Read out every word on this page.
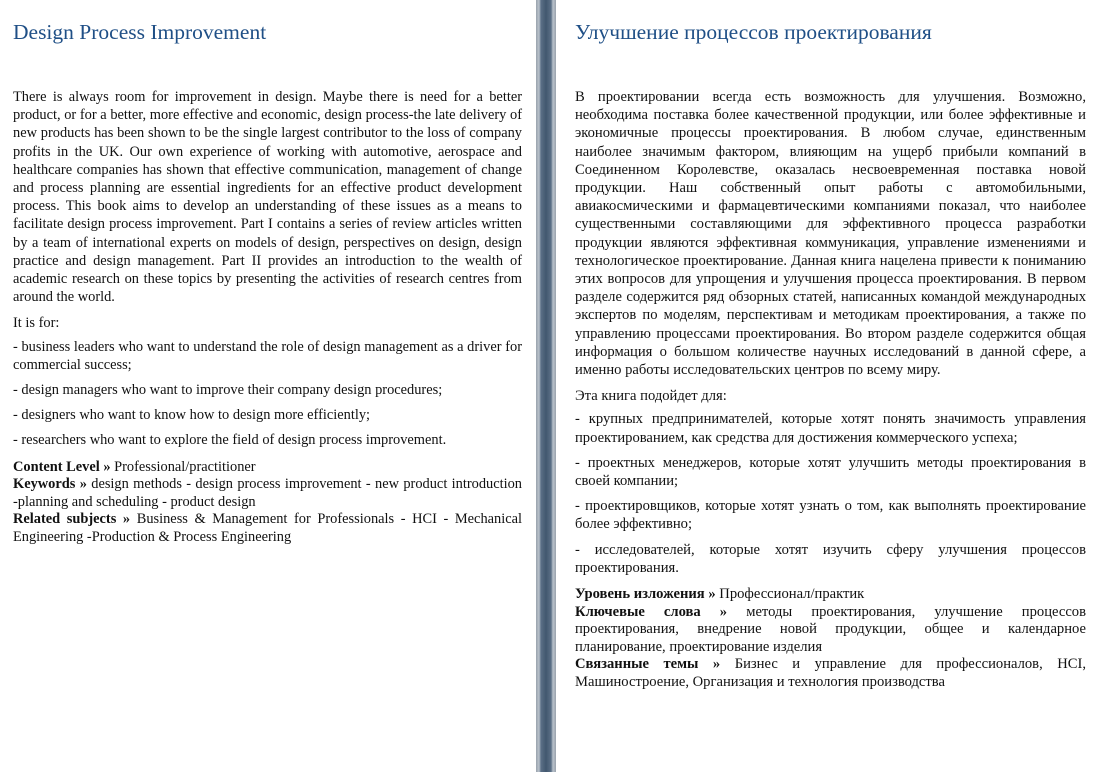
Design Process Improvement

There is always room for improvement in design. Maybe there is need for a better product, or for a better, more effective and economic, design process-the late delivery of new products has been shown to be the single largest contributor to the loss of company profits in the UK. Our own experience of working with automotive, aerospace and healthcare companies has shown that effective communication, management of change and process planning are essential ingredients for an effective product development process. This book aims to develop an understanding of these issues as a means to facilitate design process improvement. Part I contains a series of review articles written by a team of international experts on models of design, perspectives on design, design practice and design management. Part II provides an introduction to the wealth of academic research on these topics by presenting the activities of research centres from around the world.

It is for:

- business leaders who want to understand the role of design management as a driver for commercial success;

- design managers who want to improve their company design procedures;

- designers who want to know how to design more efficiently;

- researchers who want to explore the field of design process improvement.

Content Level » Professional/practitioner
Keywords » design methods - design process improvement - new product introduction -planning and scheduling - product design
Related subjects » Business & Management for Professionals - HCI - Mechanical Engineering -Production & Process Engineering
Улучшение процессов проектирования

В проектировании всегда есть возможность для улучшения. Возможно, необходима поставка более качественной продукции, или более эффективные и экономичные процессы проектирования. В любом случае, единственным наиболее значимым фактором, влияющим на ущерб прибыли компаний в Соединенном Королевстве, оказалась несвоевременная поставка новой продукции. Наш собственный опыт работы с автомобильными, авиакосмическими и фармацевтическими компаниями показал, что наиболее существенными составляющими для эффективного процесса разработки продукции являются эффективная коммуникация, управление изменениями и технологическое проектирование. Данная книга нацелена привести к пониманию этих вопросов для упрощения и улучшения процесса проектирования. В первом разделе содержится ряд обзорных статей, написанных командой международных экспертов по моделям, перспективам и методикам проектирования, а также по управлению процессами проектирования. Во втором разделе содержится общая информация о большом количестве научных исследований в данной сфере, а именно работы исследовательских центров по всему миру.

Эта книга подойдет для:

- крупных предпринимателей, которые хотят понять значимость управления проектированием, как средства для достижения коммерческого успеха;

- проектных менеджеров, которые хотят улучшить методы проектирования в своей компании;

- проектировщиков, которые хотят узнать о том, как выполнять проектирование более эффективно;

- исследователей, которые хотят изучить сферу улучшения процессов проектирования.

Уровень изложения » Профессионал/практик
Ключевые слова » методы проектирования, улучшение процессов проектирования, внедрение новой продукции, общее и календарное планирование, проектирование изделия
Связанные темы » Бизнес и управление для профессионалов, HCI, Машиностроение, Организация и технология производства
